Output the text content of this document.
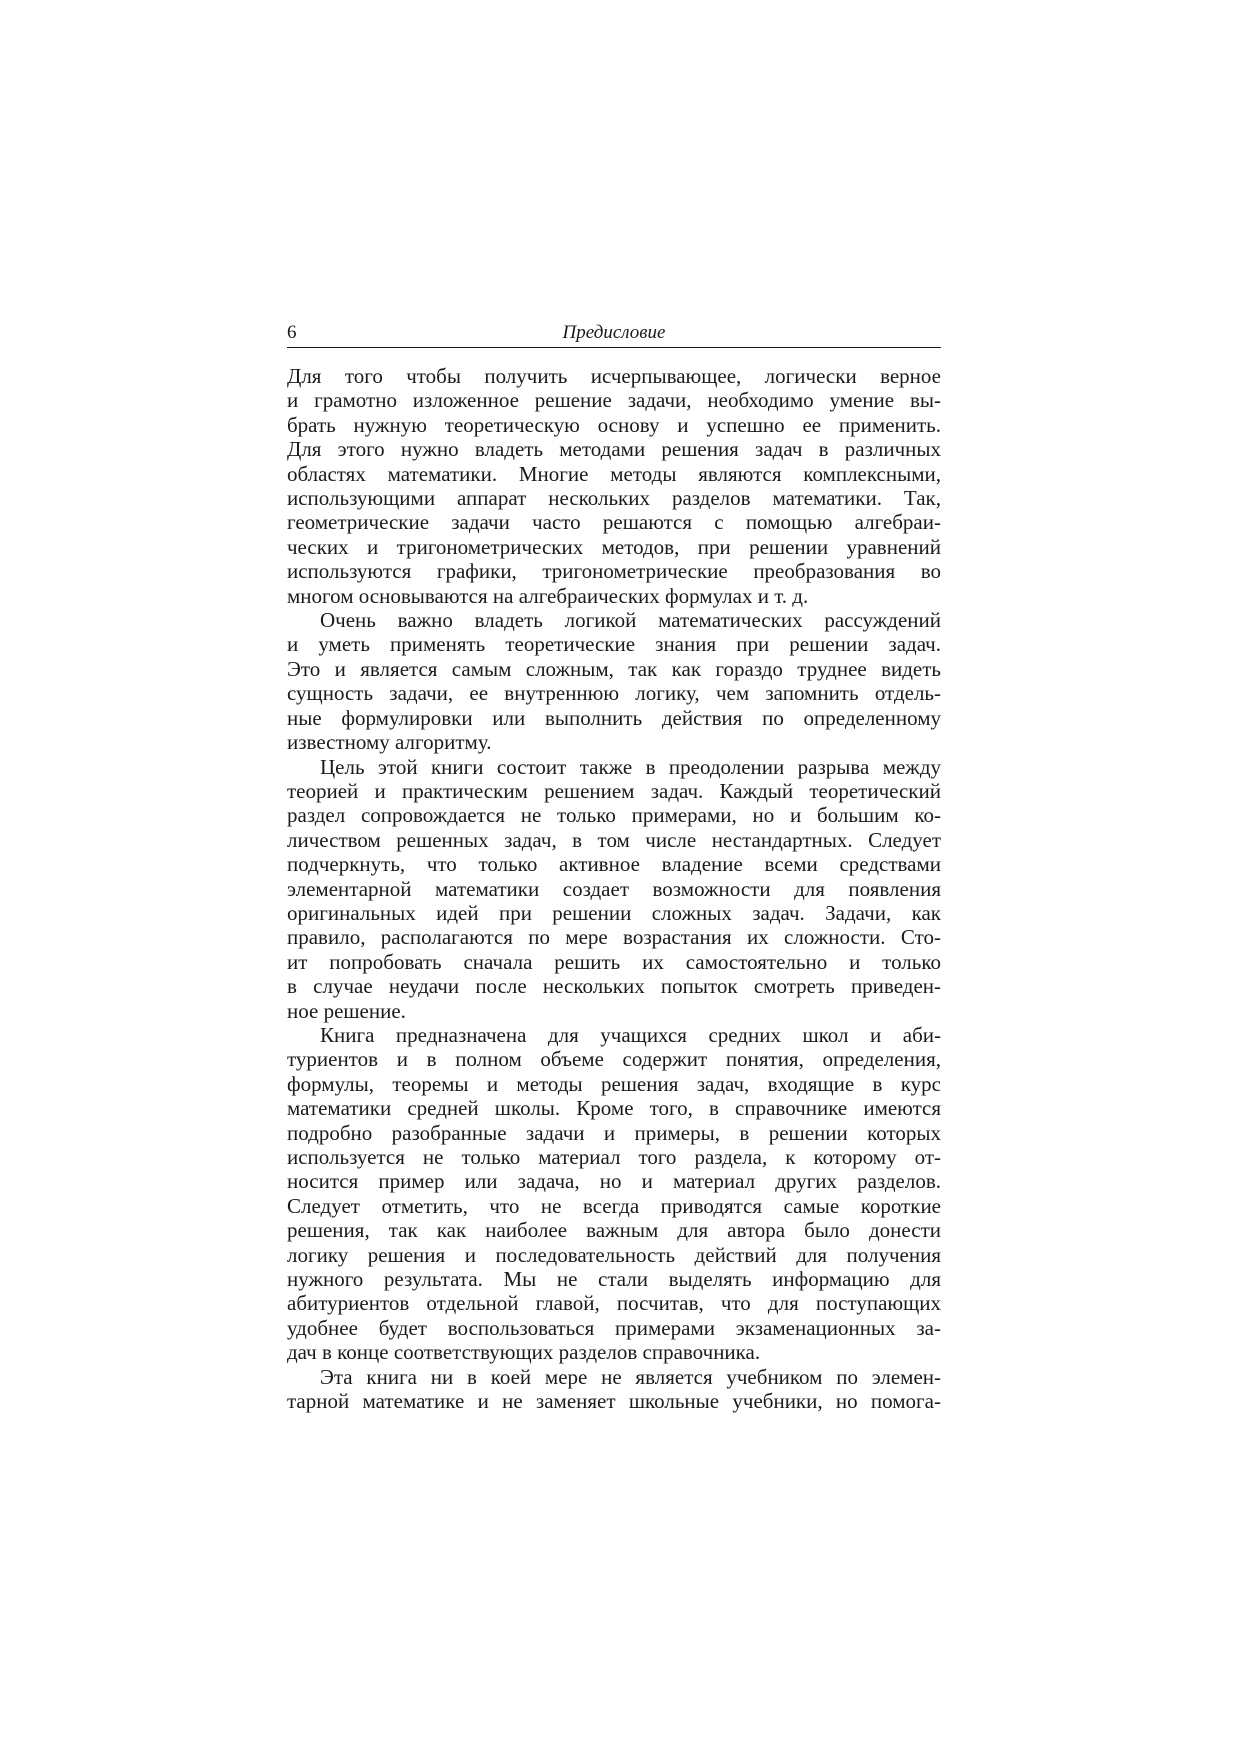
6	Предисловие
Для того чтобы получить исчерпывающее, логически верное
и грамотно изложенное решение задачи, необходимо умение вы-
брать нужную теоретическую основу и успешно ее применить.
Для этого нужно владеть методами решения задач в различных
областях математики. Многие методы являются комплексными,
использующими аппарат нескольких разделов математики. Так,
геометрические задачи часто решаются с помощью алгебраи-
ческих и тригонометрических методов, при решении уравнений
используются графики, тригонометрические преобразования во
многом основываются на алгебраических формулах и т. д.
Очень важно владеть логикой математических рассуждений
и уметь применять теоретические знания при решении задач.
Это и является самым сложным, так как гораздо труднее видеть
сущность задачи, ее внутреннюю логику, чем запомнить отдель-
ные формулировки или выполнить действия по определенному
известному алгоритму.
Цель этой книги состоит также в преодолении разрыва между
теорией и практическим решением задач. Каждый теоретический
раздел сопровождается не только примерами, но и большим ко-
личеством решенных задач, в том числе нестандартных. Следует
подчеркнуть, что только активное владение всеми средствами
элементарной математики создает возможности для появления
оригинальных идей при решении сложных задач. Задачи, как
правило, располагаются по мере возрастания их сложности. Сто-
ит попробовать сначала решить их самостоятельно и только
в случае неудачи после нескольких попыток смотреть приведен-
ное решение.
Книга предназначена для учащихся средних школ и аби-
туриентов и в полном объеме содержит понятия, определения,
формулы, теоремы и методы решения задач, входящие в курс
математики средней школы. Кроме того, в справочнике имеются
подробно разобранные задачи и примеры, в решении которых
используется не только материал того раздела, к которому от-
носится пример или задача, но и материал других разделов.
Следует отметить, что не всегда приводятся самые короткие
решения, так как наиболее важным для автора было донести
логику решения и последовательность действий для получения
нужного результата. Мы не стали выделять информацию для
абитуриентов отдельной главой, посчитав, что для поступающих
удобнее будет воспользоваться примерами экзаменационных за-
дач в конце соответствующих разделов справочника.
Эта книга ни в коей мере не является учебником по элемен-
тарной математике и не заменяет школьные учебники, но помога-
